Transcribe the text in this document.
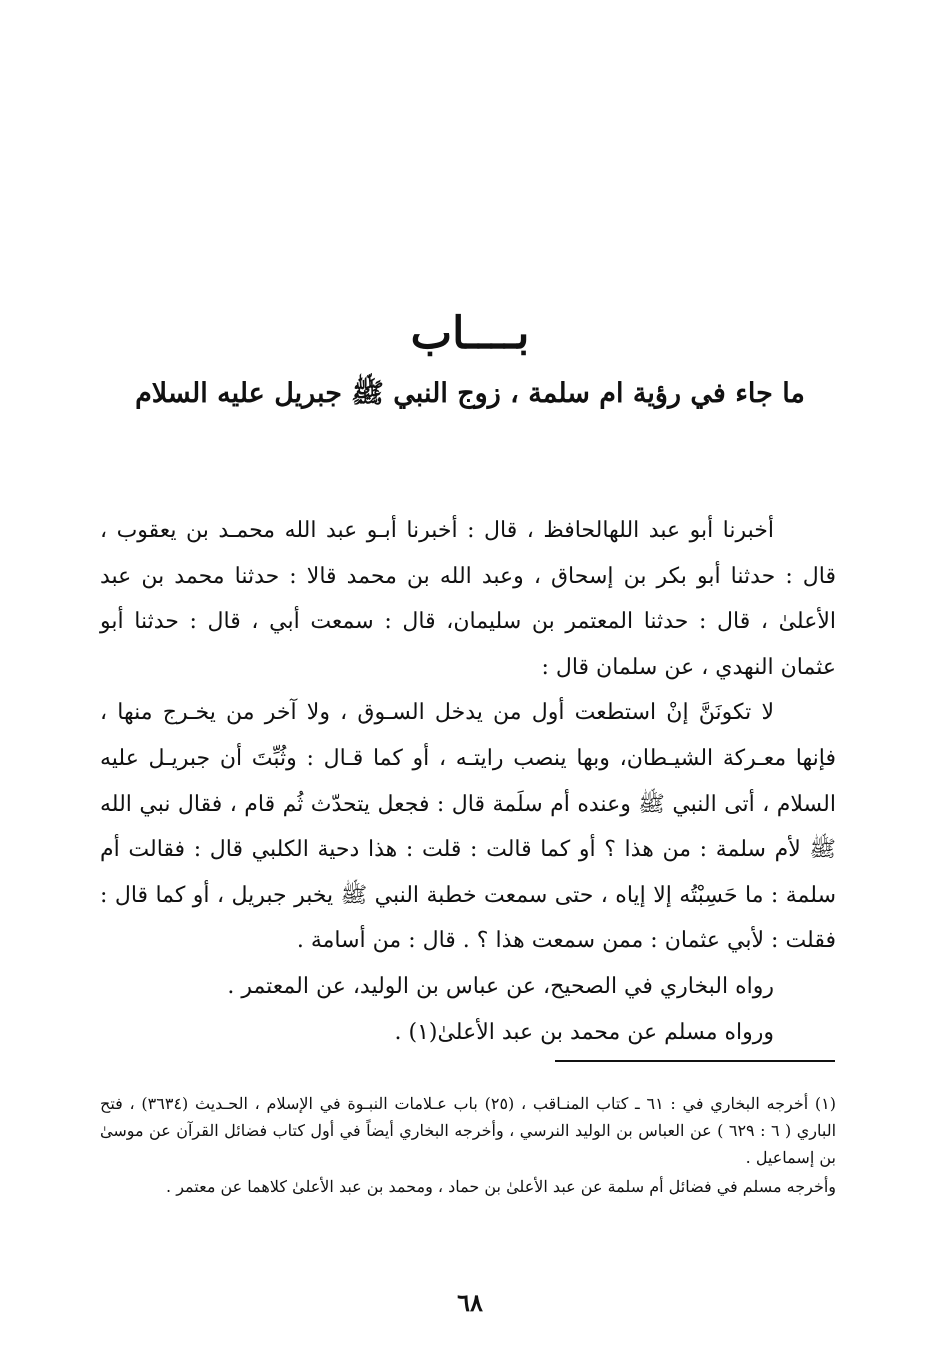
بــــاب
ما جاء في رؤية ام سلمة ، زوج النبي ﷺ جبريل عليه السلام

أخبرنا أبو عبد اللهالحافظ ، قال : أخبرنا أبـو عبد الله محمـد بن يعقوب ، قال : حدثنا أبو بكر بن إسحاق ، وعبد الله بن محمد قالا : حدثنا محمد بن عبد الأعلىٰ ، قال : حدثنا المعتمر بن سليمان، قال : سمعت أبي ، قال : حدثنا أبو عثمان النهدي ، عن سلمان قال :

لا تكونَنَّ إنْ استطعت أول من يدخل السـوق ، ولا آخر من يخـرج منها ، فإنها معـركة الشيـطان، وبها ينصب رايتـه ، أو كما قـال : وثُبِّتَ أن جبريـل عليه السلام ، أتى النبي ﷺ وعنده أم سلَمة قال : فجعل يتحدّث ثُم قام ، فقال نبي الله ﷺ لأم سلمة : من هذا ؟ أو كما قالت : قلت : هذا دحية الكلبي قال : فقالت أم سلمة : ما حَسِبْتُه إلا إياه ، حتى سمعت خطبة النبي ﷺ يخبر جبريل ، أو كما قال : فقلت : لأبي عثمان : ممن سمعت هذا ؟ . قال : من أسامة .

رواه البخاري في الصحيح، عن عباس بن الوليد، عن المعتمر .

ورواه مسلم عن محمد بن عبد الأعلىٰ(١) .

(١) أخرجه البخاري في : ٦١ ـ كتاب المنـاقب ، (٢٥) باب عـلامات النبـوة في الإسلام ، الحـديث (٣٦٣٤) ، فتح الباري ( ٦ : ٦٢٩ ) عن العباس بن الوليد النرسي ، وأخرجه البخاري أيضاً في أول كتاب فضائل القرآن عن موسىٰ بن إسماعيل .

وأخرجه مسلم في فضائل أم سلمة عن عبد الأعلىٰ بن حماد ، ومحمد بن عبد الأعلىٰ كلاهما عن معتمر .

٦٨
